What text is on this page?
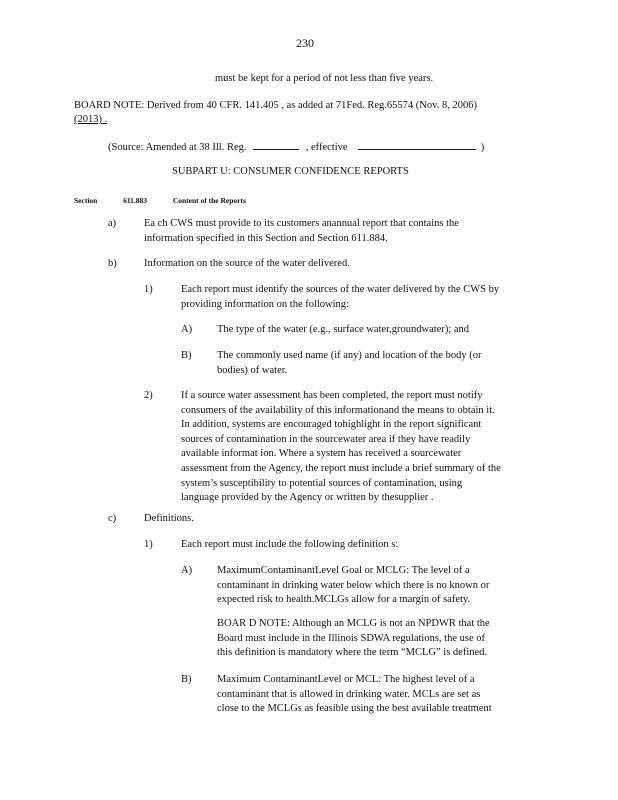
230
must be kept for a period of not less than five years.
BOARD NOTE: Derived from 40 CFR. 141.405 , as added at 71Fed. Reg.65574 (Nov. 8, 2006)
(2013) .
(Source: Amended at 38 Ill. Reg.	, effective	)
SUBPART U: CONSUMER CONFIDENCE REPORTS
Section	611.883	Content of the Reports
a)	Ea ch CWS must provide to its customers anannual report that contains the
information specified in this Section and Section 611.884.
b)	Information on the source of the water delivered.
1)	Each report must identify the sources of the water delivered by the CWS by
providing information on the following:
A) The type of the water (e.g., surface water,groundwater); and
B) The commonly used name (if any) and location of the body (or
bodies) of water.
2)	If a source water assessment has been completed, the report must notify
consumers of the availability of this informationand the means to obtain it.
In addition, systems are encouraged tohighlight in the report significant
sources of contamination in the sourcewater area if they have readily
available informat ion. Where a system has received a sourcewater
assessment from the Agency, the report must include a brief summary of the
system’s susceptibility to potential sources of contamination, using
language provided by the Agency or written by thesupplier .
c)	Definitions.
1)	Each report must include the following definition s:
A) MaximumContaminantLevel Goal or MCLG: The level of a
contaminant in drinking water below which there is no known or
expected risk to health.MCLGs allow for a margin of safety.
BOAR D NOTE: Although an MCLG is not an NPDWR that the
Board must include in the Illinois SDWA regulations, the use of
this definition is mandatory where the term “MCLG” is defined.
B) Maximum ContaminantLevel or MCL: The highest level of a
contaminant that is allowed in drinking water. MCLs are set as
close to the MCLGs as feasible using the best available treatment
